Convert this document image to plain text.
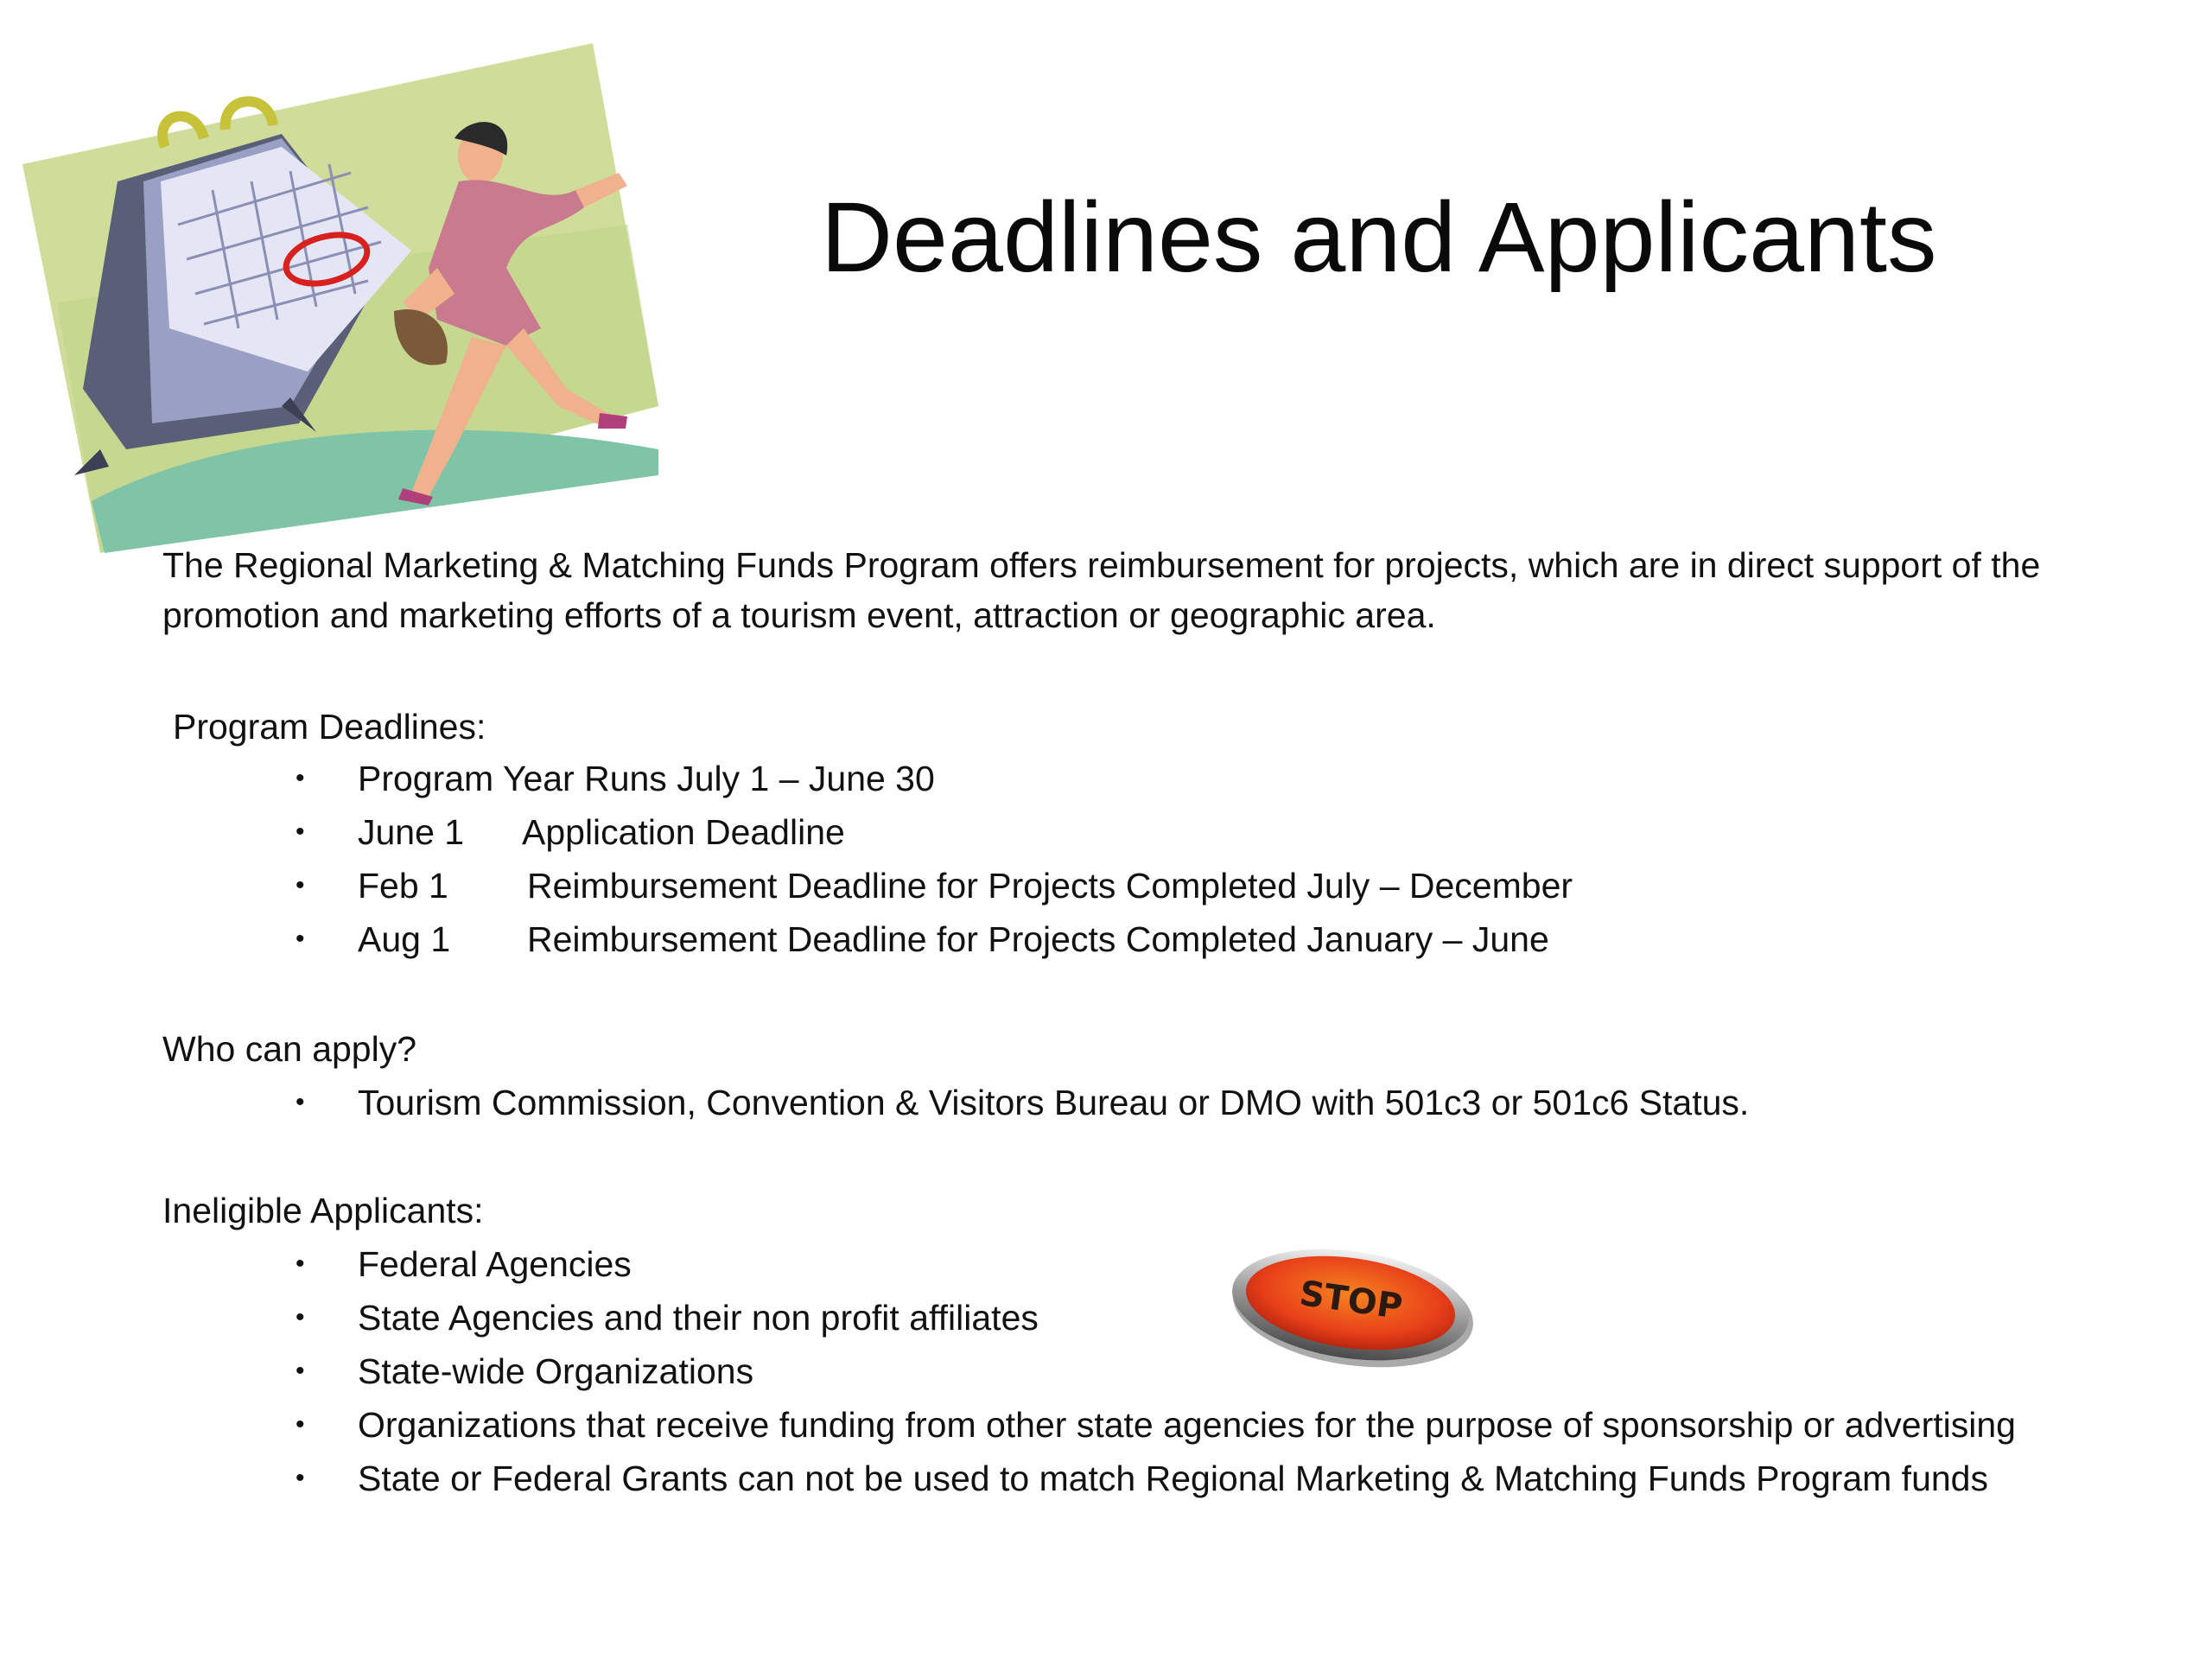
Deadlines and Applicants

The Regional Marketing & Matching Funds Program offers reimbursement for projects, which are in direct support of the promotion and marketing efforts of a tourism event, attraction or geographic area.

Program Deadlines:

• Program Year Runs July 1 – June 30
• June 1 Application Deadline
• Feb 1 Reimbursement Deadline for Projects Completed July – December
• Aug 1 Reimbursement Deadline for Projects Completed January – June

Who can apply?

• Tourism Commission, Convention & Visitors Bureau or DMO with 501c3 or 501c6 Status.

Ineligible Applicants:

• Federal Agencies
• State Agencies and their non profit affiliates
• State-wide Organizations
• Organizations that receive funding from other state agencies for the purpose of sponsorship or advertising
• State or Federal Grants can not be used to match Regional Marketing & Matching Funds Program funds
STOP
